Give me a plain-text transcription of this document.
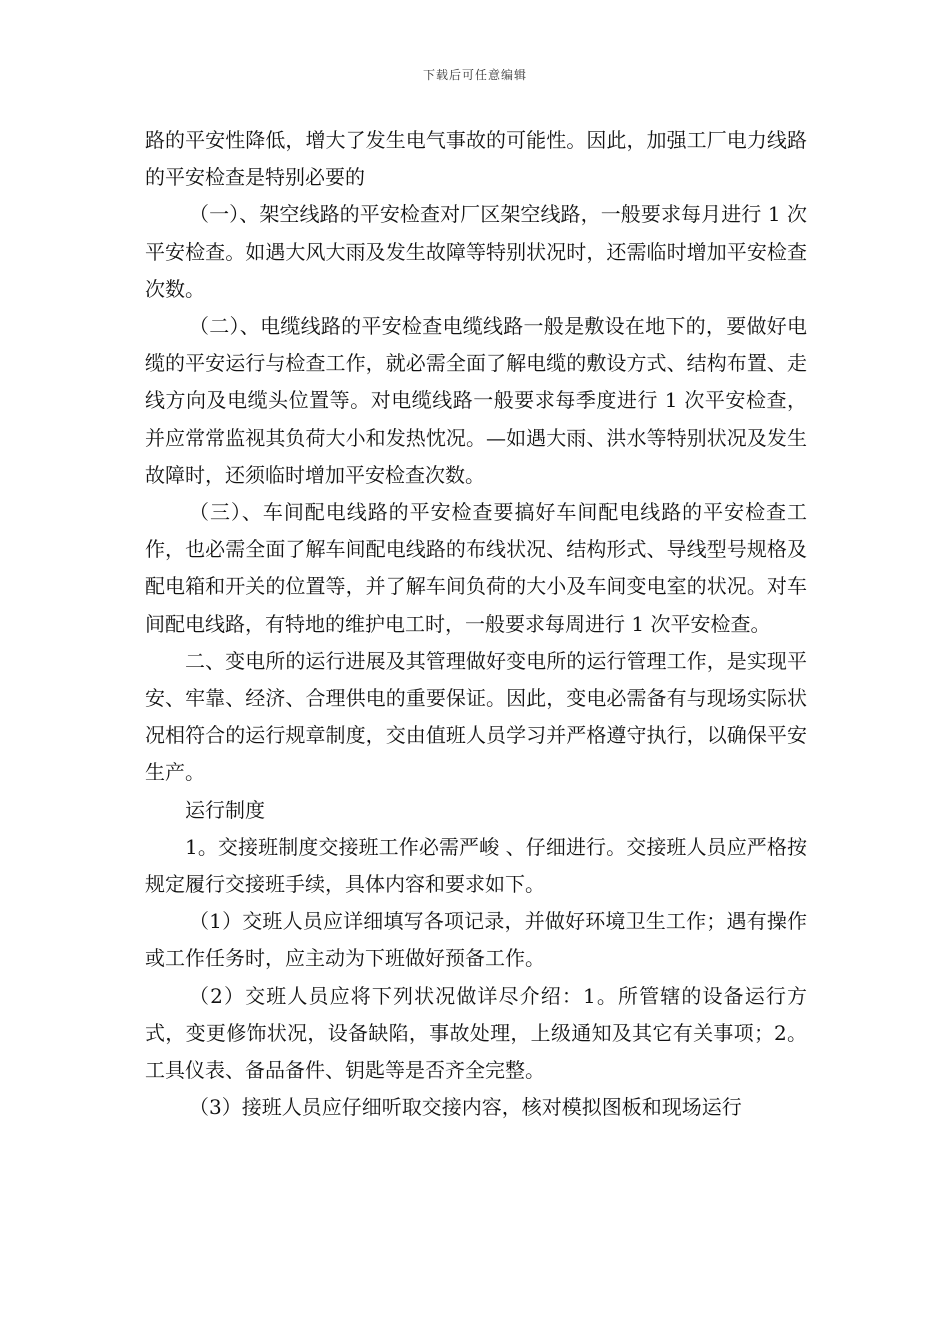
下载后可任意编辑

路的平安性降低，增大了发生电气事故的可能性。因此，加强工厂电力线路的平安检查是特别必要的

（一）、架空线路的平安检查对厂区架空线路，一般要求每月进行 1 次平安检查。如遇大风大雨及发生故障等特别状况时，还需临时增加平安检查次数。

（二）、电缆线路的平安检查电缆线路一般是敷设在地下的，要做好电缆的平安运行与检查工作，就必需全面了解电缆的敷设方式、结构布置、走线方向及电缆头位置等。对电缆线路一般要求每季度进行 1 次平安检查，并应常常监视其负荷大小和发热忱况。—如遇大雨、洪水等特别状况及发生故障时，还须临时增加平安检查次数。

（三）、车间配电线路的平安检查要搞好车间配电线路的平安检查工作，也必需全面了解车间配电线路的布线状况、结构形式、导线型号规格及配电箱和开关的位置等，并了解车间负荷的大小及车间变电室的状况。对车间配电线路，有特地的维护电工时，一般要求每周进行 1 次平安检查。

二、变电所的运行进展及其管理做好变电所的运行管理工作，是实现平安、牢靠、经济、合理供电的重要保证。因此，变电必需备有与现场实际状况相符合的运行规章制度，交由值班人员学习并严格遵守执行，以确保平安生产。

运行制度

1。交接班制度交接班工作必需严峻 、仔细进行。交接班人员应严格按规定履行交接班手续，具体内容和要求如下。

（1）交班人员应详细填写各项记录，并做好环境卫生工作；遇有操作或工作任务时，应主动为下班做好预备工作。

（2）交班人员应将下列状况做详尽介绍：1。所管辖的设备运行方式，变更修饰状况，设备缺陷，事故处理，上级通知及其它有关事项；2。工具仪表、备品备件、钥匙等是否齐全完整。

（3）接班人员应仔细听取交接内容，核对模拟图板和现场运行
